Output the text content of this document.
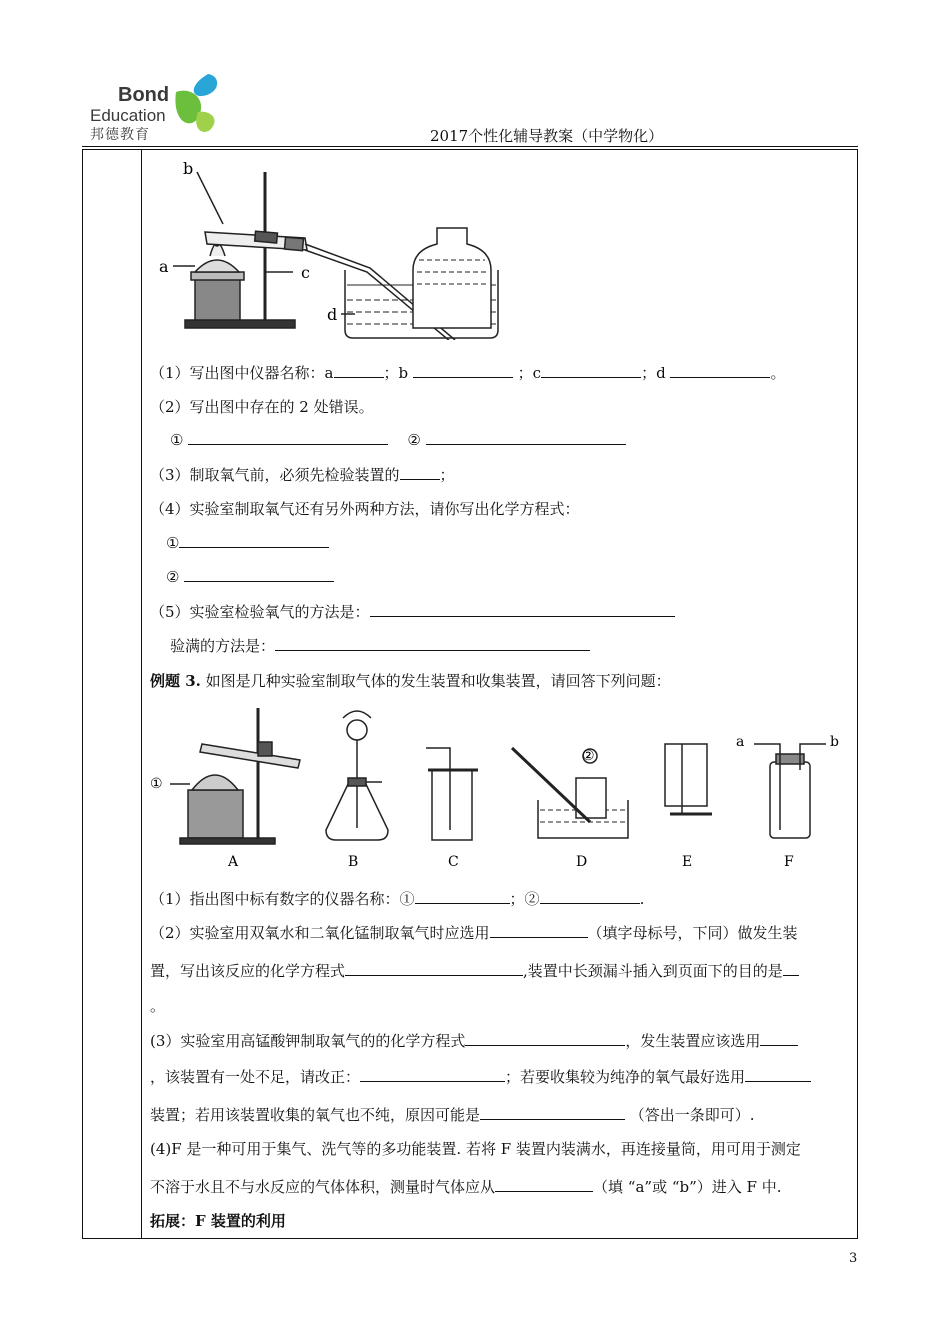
Bond
Education
邦德教育	2017个性化辅导教案（中学物化）
b
a	c
d
（1）写出图中仪器名称：a	；b	；c	；d	。
（2）写出图中存在的 2 处错误。
①	②
（3）制取氧气前，必须先检验装置的	；
（4）实验室制取氧气还有另外两种方法，请你写出化学方程式：
①
②
（5）实验室检验氧气的方法是：
验满的方法是：
例题 3. 如图是几种实验室制取气体的发生装置和收集装置，请回答下列问题：
①
②
a	b
A	B	C	D	E	F
（1）指出图中标有数字的仪器名称：①	；②	.
（2）实验室用双氧水和二氧化锰制取氧气时应选用	（填字母标号，下同）做发生装
置，写出该反应的化学方程式	,装置中长颈漏斗插入到页面下的目的是
。
(3）实验室用高锰酸钾制取氧气的的化学方程式	，发生装置应该选用
，该装置有一处不足，请改正：	；若要收集较为纯净的氧气最好选用
装置；若用该装置收集的氧气也不纯，原因可能是	（答出一条即可）.
(4)F 是一种可用于集气、洗气等的多功能装置. 若将 F 装置内装满水，再连接量筒，用可用于测定
不溶于水且不与水反应的气体体积，测量时气体应从	（填 “a”或 “b”）进入 F 中.
拓展：F 装置的利用
3
